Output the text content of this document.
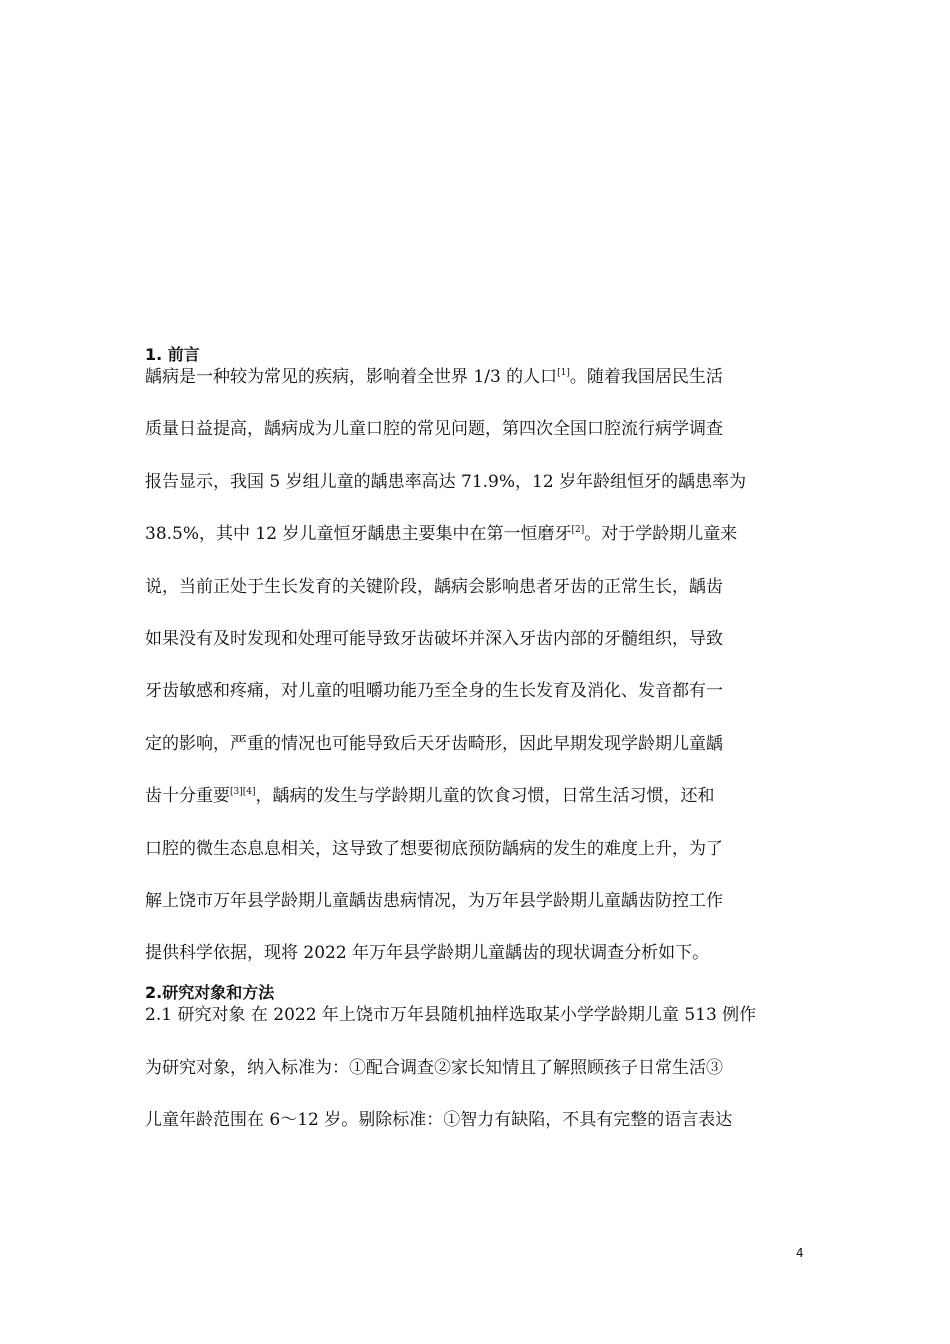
1. 前言
龋病是一种较为常见的疾病，影响着全世界 1/3 的人口[1]。随着我国居民生活
质量日益提高，龋病成为儿童口腔的常见问题，第四次全国口腔流行病学调查
报告显示，我国 5 岁组儿童的龋患率高达 71.9%，12 岁年龄组恒牙的龋患率为
38.5%，其中 12 岁儿童恒牙龋患主要集中在第一恒磨牙[2]。对于学龄期儿童来
说，当前正处于生长发育的关键阶段，龋病会影响患者牙齿的正常生长，龋齿
如果没有及时发现和处理可能导致牙齿破坏并深入牙齿内部的牙髓组织，导致
牙齿敏感和疼痛，对儿童的咀嚼功能乃至全身的生长发育及消化、发音都有一
定的影响，严重的情况也可能导致后天牙齿畸形，因此早期发现学龄期儿童龋
齿十分重要[3][4]，龋病的发生与学龄期儿童的饮食习惯，日常生活习惯，还和
口腔的微生态息息相关，这导致了想要彻底预防龋病的发生的难度上升，为了
解上饶市万年县学龄期儿童龋齿患病情况，为万年县学龄期儿童龋齿防控工作
提供科学依据，现将 2022 年万年县学龄期儿童龋齿的现状调查分析如下。
2.研究对象和方法
2.1 研究对象 在 2022 年上饶市万年县随机抽样选取某小学学龄期儿童 513 例作
为研究对象，纳入标准为：①配合调查②家长知情且了解照顾孩子日常生活③
儿童年龄范围在 6～12 岁。剔除标准：①智力有缺陷，不具有完整的语言表达
4
